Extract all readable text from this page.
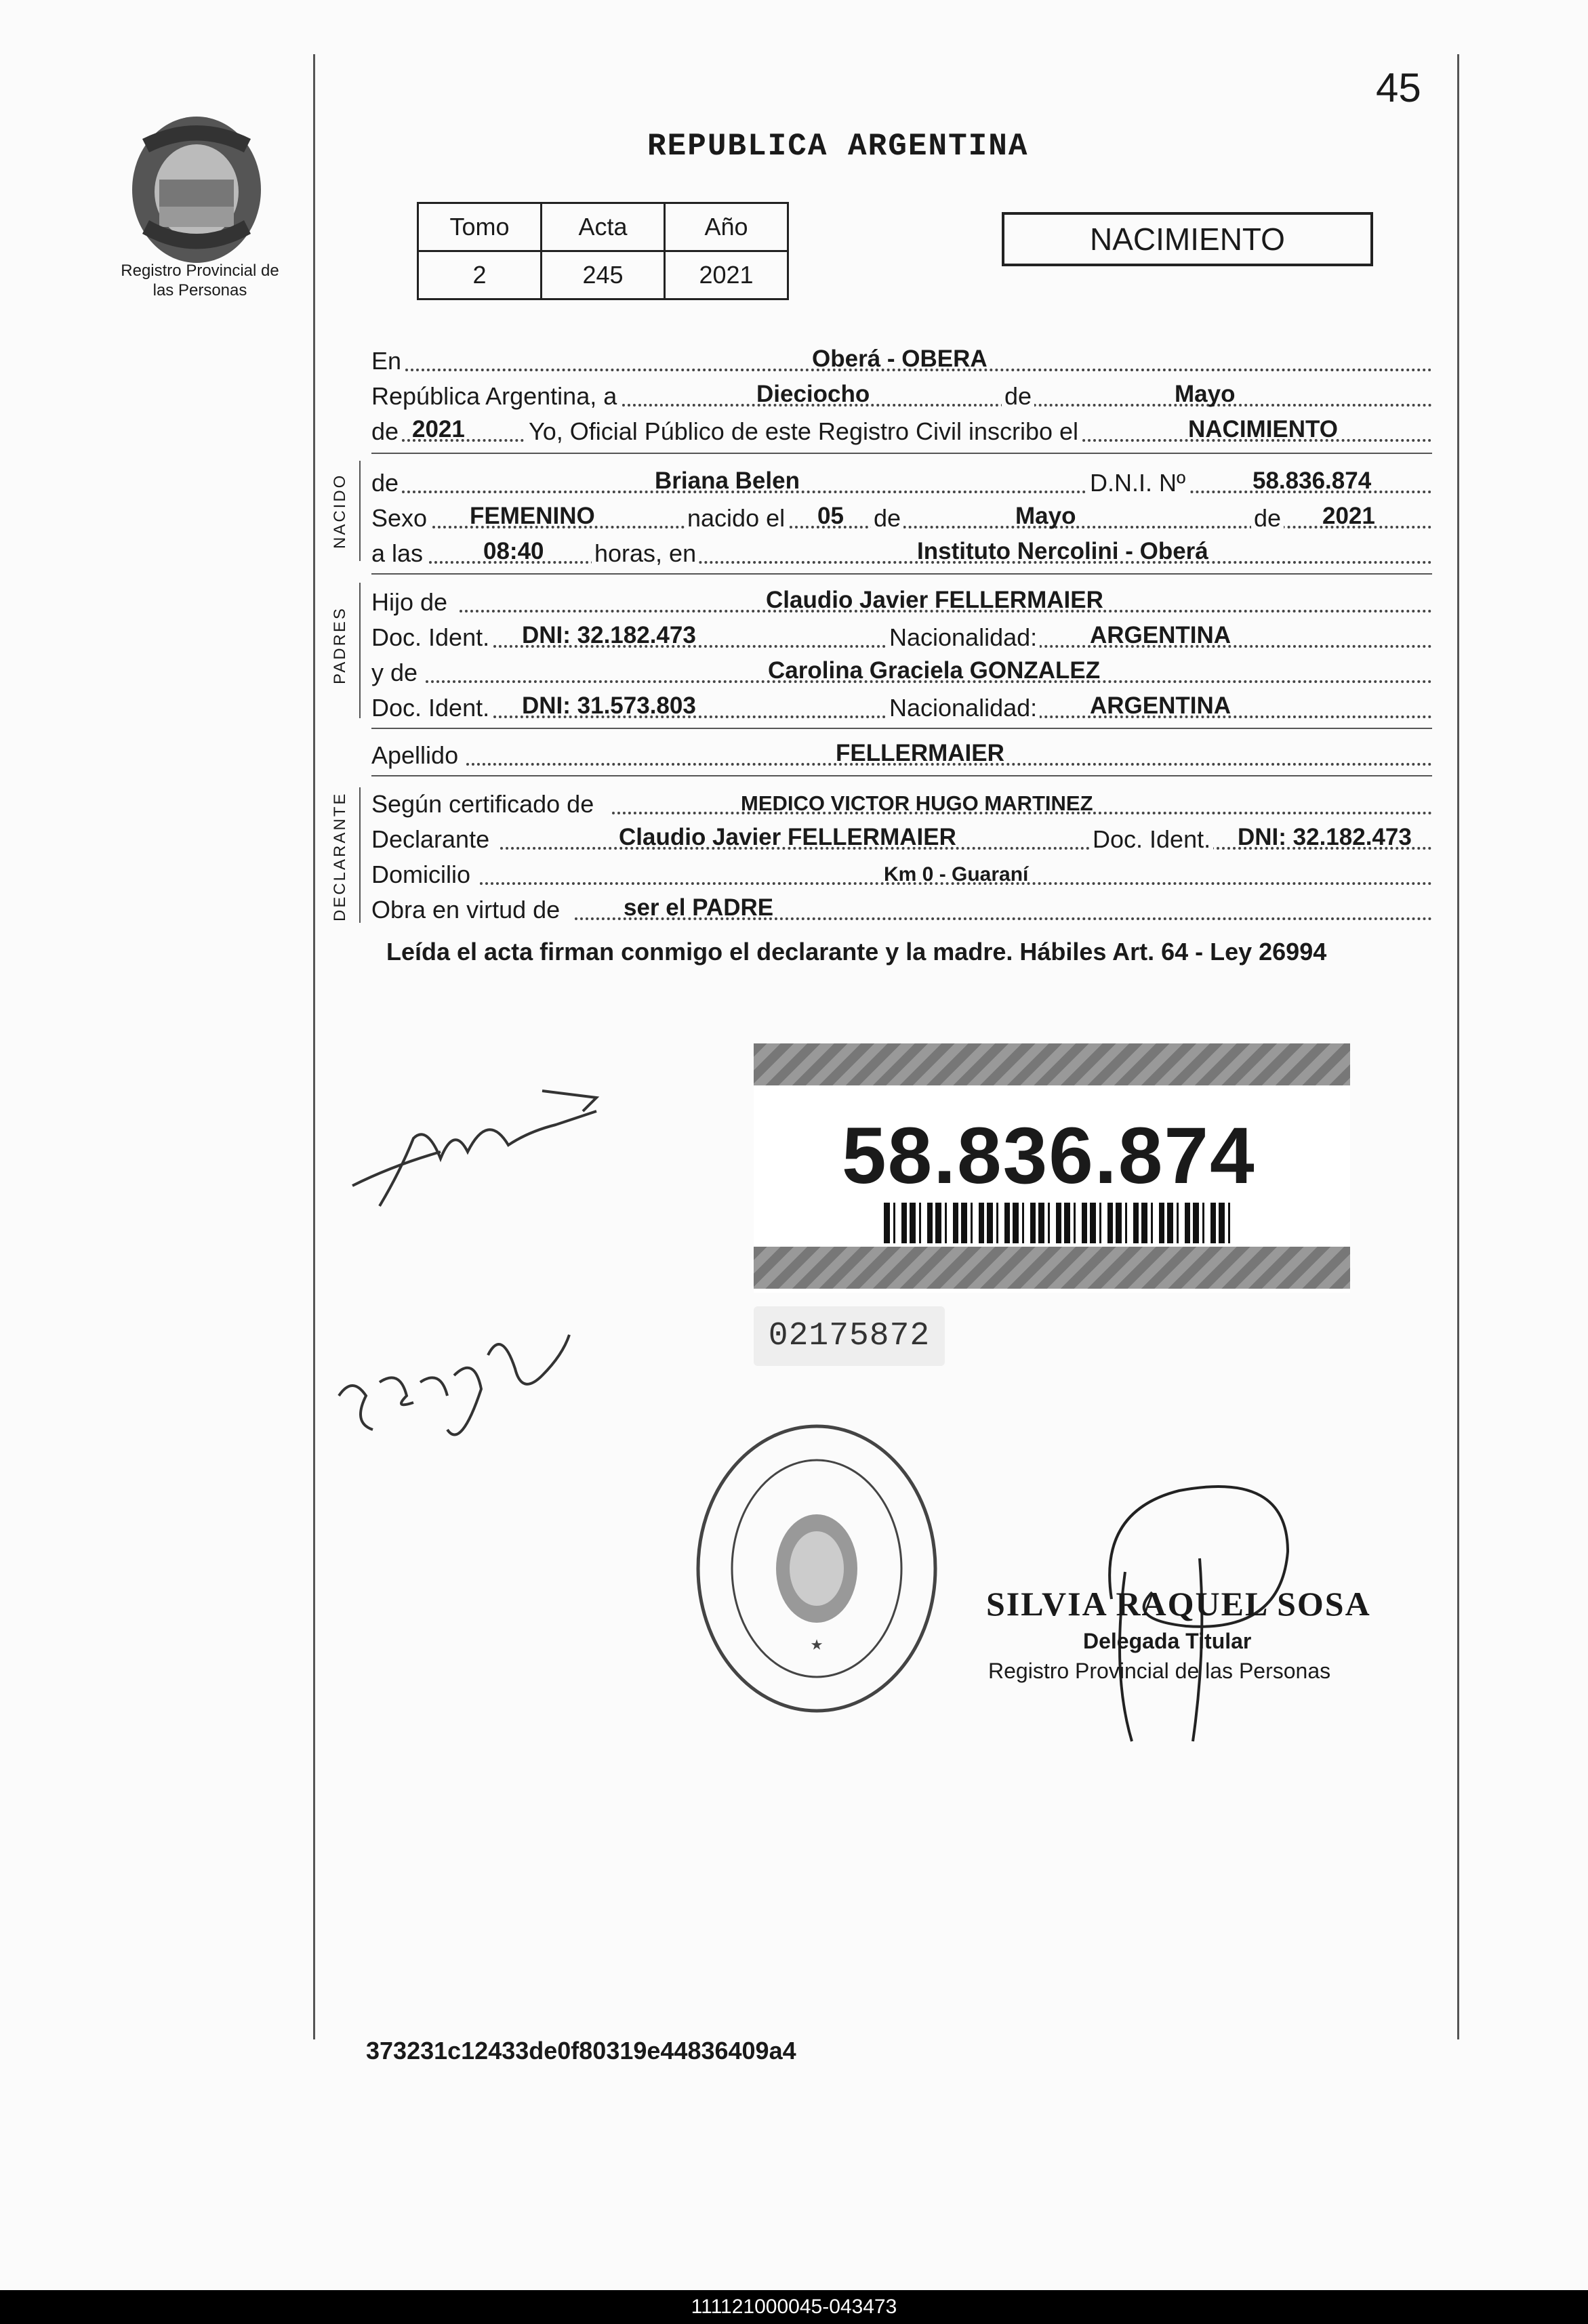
45
REPUBLICA ARGENTINA
Registro Provincial de las Personas
Tomo	Acta	Año
2	245	2021
NACIMIENTO
En	Oberá - OBERA
República Argentina, a	Dieciocho	de	Mayo
de 2021	Yo, Oficial Público de este Registro Civil inscribo el	NACIMIENTO
NACIDO de	Briana Belen	D.N.I. Nº	58.836.874
Sexo FEMENINO	nacido el 05 de	Mayo	de 2021
a las	08:40 horas, en	Instituto Nercolini - Oberá
PADRES
Hijo de	Claudio Javier FELLERMAIER
Doc. Ident. DNI: 32.182.473	Nacionalidad: ARGENTINA
y de	Carolina Graciela GONZALEZ
Doc. Ident. DNI: 31.573.803	Nacionalidad: ARGENTINA
Apellido	FELLERMAIER
DECLARANTE Según certificado de	MEDICO VICTOR HUGO MARTINEZ
Declarante	Claudio Javier FELLERMAIER	Doc. Ident. DNI: 32.182.473
Domicilio	Km 0 - Guaraní
Obra en virtud de	ser el PADRE
Leída el acta firman conmigo el declarante y la madre. Hábiles Art. 64 - Ley 26994
58.836.874
02175872
★
SILVIA RAQUEL SOSA
Delegada Titular
Registro Provincial de las Personas
373231c12433de0f80319e44836409a4
111121000045-043473
